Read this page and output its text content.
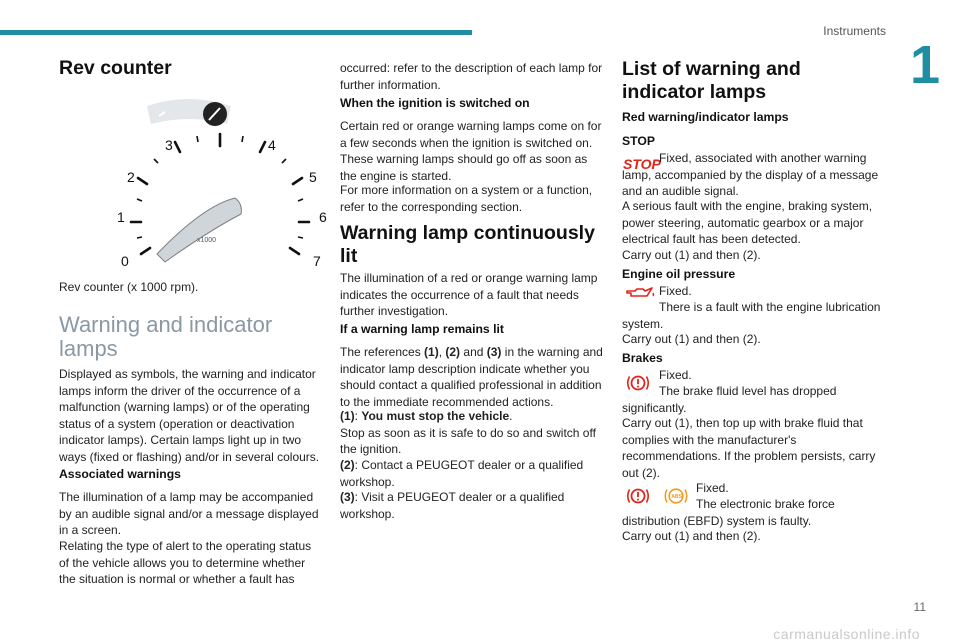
Instruments
1
Rev counter
0
1
2
3	4
5
6
7
x1000
Rev counter (x 1000 rpm).
Warning and indicator lamps
Displayed as symbols, the warning and indicator lamps inform the driver of the occurrence of a malfunction (warning lamps) or of the operating status of a system (operation or deactivation indicator lamps). Certain lamps light up in two ways (fixed or flashing) and/or in several colours.
Associated warnings
The illumination of a lamp may be accompanied by an audible signal and/or a message displayed in a screen.
Relating the type of alert to the operating status of the vehicle allows you to determine whether the situation is normal or whether a fault has
occurred: refer to the description of each lamp for further information.
When the ignition is switched on
Certain red or orange warning lamps come on for a few seconds when the ignition is switched on. These warning lamps should go off as soon as the engine is started.
For more information on a system or a function, refer to the corresponding section.
Warning lamp continuously lit
The illumination of a red or orange warning lamp indicates the occurrence of a fault that needs further investigation.
If a warning lamp remains lit
The references (1), (2) and (3) in the warning and indicator lamp description indicate whether you should contact a qualified professional in addition to the immediate recommended actions.
(1): You must stop the vehicle.
Stop as soon as it is safe to do so and switch off the ignition.
(2): Contact a PEUGEOT dealer or a qualified workshop.
(3): Visit a PEUGEOT dealer or a qualified workshop.
List of warning and indicator lamps
Red warning/indicator lamps
STOP
STOP
Fixed, associated with another warning lamp, accompanied by the display of a message and an audible signal.
A serious fault with the engine, braking system, power steering, automatic gearbox or a major electrical fault has been detected.
Carry out (1) and then (2).
Engine oil pressure
Fixed.
There is a fault with the engine lubrication system.
Carry out (1) and then (2).
Brakes
Fixed.
The brake fluid level has dropped significantly.
Carry out (1), then top up with brake fluid that complies with the manufacturer's recommendations. If the problem persists, carry out (2).
ABS
Fixed.
The electronic brake force distribution (EBFD) system is faulty.
Carry out (1) and then (2).
11
carmanualsonline.info
